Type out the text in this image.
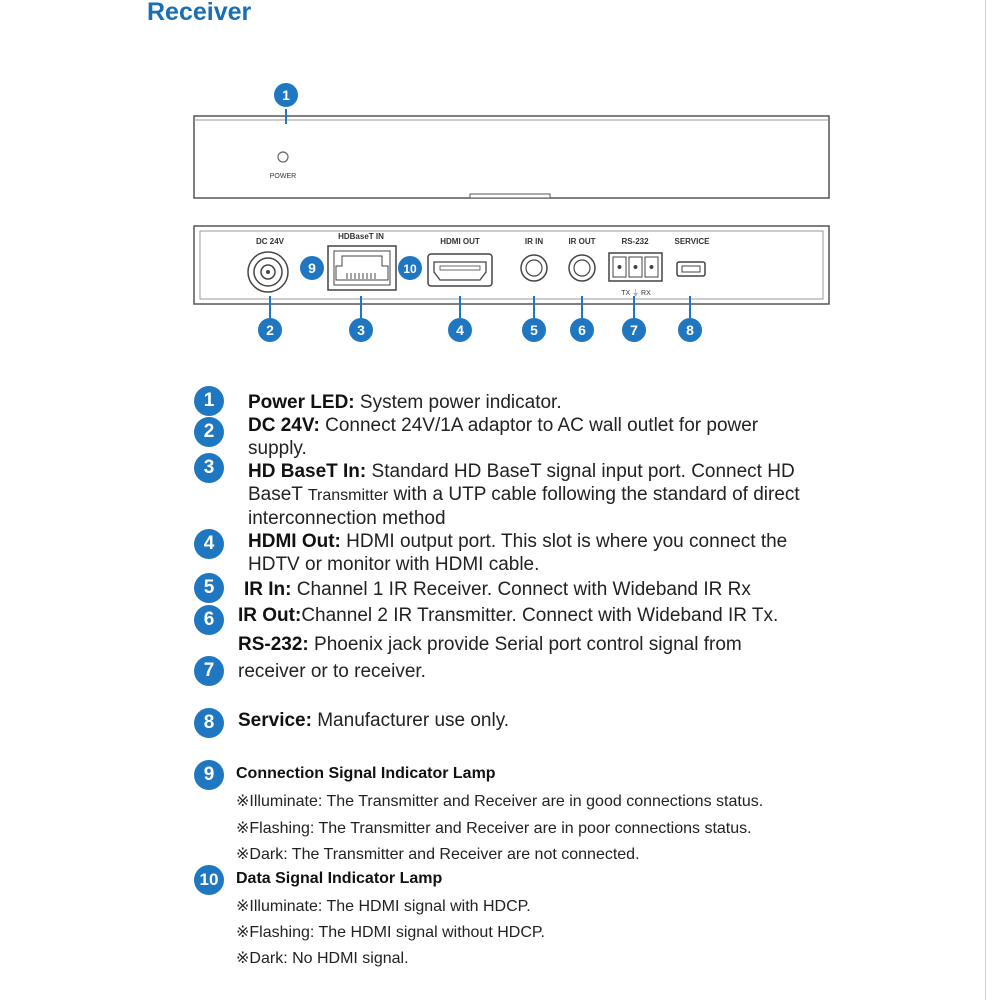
Receiver
POWER
1
DC 24V
HDBaseT IN
HDMI OUT	IR IN	IR OUT	RS-232	SERVICE
TX ⏚ RX
9	10
2	3	4	5	6	7	8
1	Power LED: System power indicator.
2	DC 24V: Connect 24V/1A adaptor to AC wall outlet for power
supply.
3	HD BaseT In: Standard HD BaseT signal input port. Connect HD
BaseT Transmitter with a UTP cable following the standard of direct
interconnection method
4	HDMI Out: HDMI output port. This slot is where you connect the
HDTV or monitor with HDMI cable.
5	IR In: Channel 1 IR Receiver. Connect with Wideband IR Rx
6	IR Out:Channel 2 IR Transmitter. Connect with Wideband IR Tx.
7
RS-232: Phoenix jack provide Serial port control signal from
receiver or to receiver.
8	Service: Manufacturer use only.
9	Connection Signal Indicator Lamp
※Illuminate: The Transmitter and Receiver are in good connections status.
※Flashing: The Transmitter and Receiver are in poor connections status.
※Dark: The Transmitter and Receiver are not connected.
10	Data Signal Indicator Lamp
※Illuminate: The HDMI signal with HDCP.
※Flashing: The HDMI signal without HDCP.
※Dark: No HDMI signal.
